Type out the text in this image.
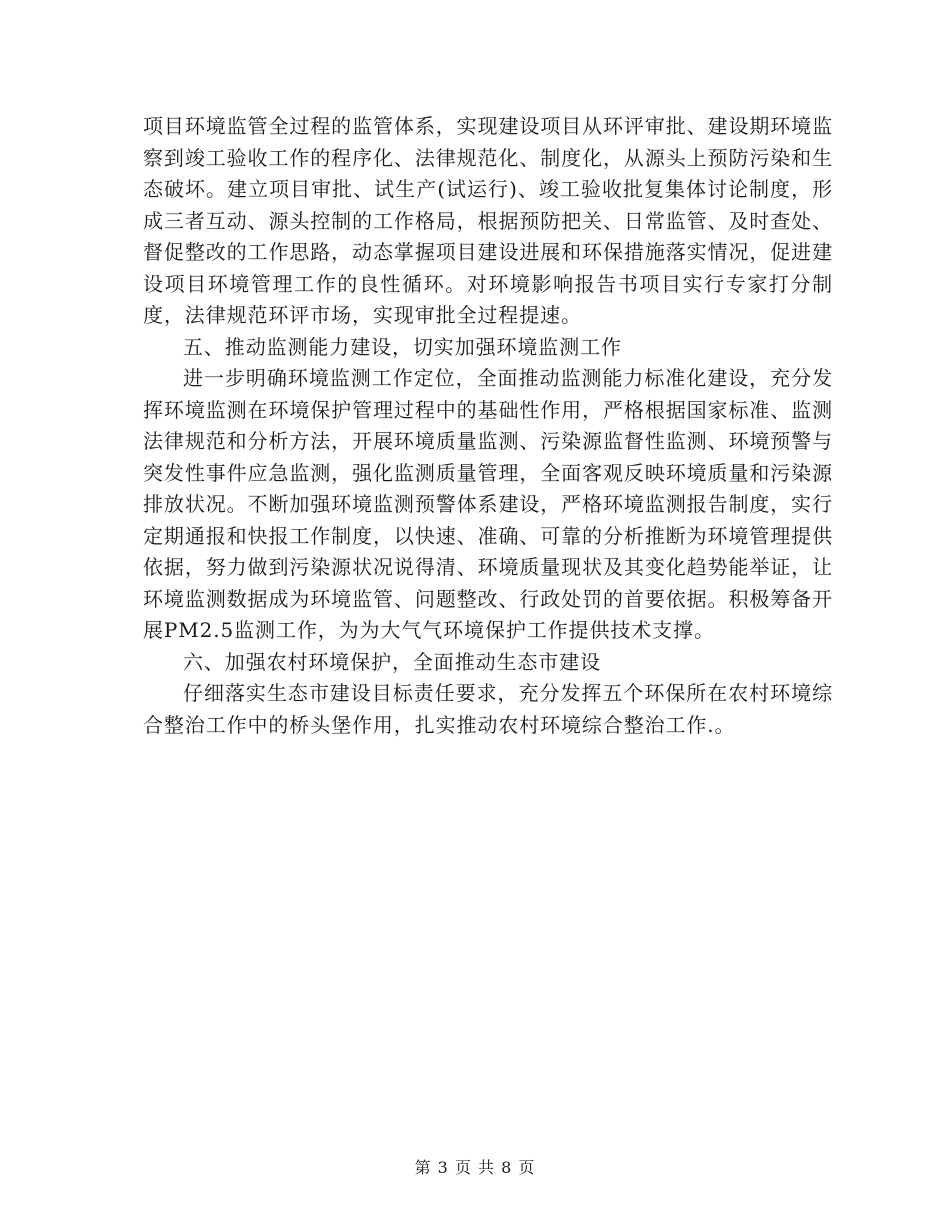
项目环境监管全过程的监管体系，实现建设项目从环评审批、建设期环境监察到竣工验收工作的程序化、法律规范化、制度化，从源头上预防污染和生态破坏。建立项目审批、试生产(试运行)、竣工验收批复集体讨论制度，形成三者互动、源头控制的工作格局，根据预防把关、日常监管、及时查处、督促整改的工作思路，动态掌握项目建设进展和环保措施落实情况，促进建设项目环境管理工作的良性循环。对环境影响报告书项目实行专家打分制度，法律规范环评市场，实现审批全过程提速。

五、推动监测能力建设，切实加强环境监测工作

进一步明确环境监测工作定位，全面推动监测能力标准化建设，充分发挥环境监测在环境保护管理过程中的基础性作用，严格根据国家标准、监测法律规范和分析方法，开展环境质量监测、污染源监督性监测、环境预警与突发性事件应急监测，强化监测质量管理，全面客观反映环境质量和污染源排放状况。不断加强环境监测预警体系建设，严格环境监测报告制度，实行定期通报和快报工作制度，以快速、准确、可靠的分析推断为环境管理提供依据，努力做到污染源状况说得清、环境质量现状及其变化趋势能举证，让环境监测数据成为环境监管、问题整改、行政处罚的首要依据。积极筹备开展PM2.5监测工作，为为大气气环境保护工作提供技术支撑。

六、加强农村环境保护，全面推动生态市建设

仔细落实生态市建设目标责任要求，充分发挥五个环保所在农村环境综合整治工作中的桥头堡作用，扎实推动农村环境综合整治工作.。

第 3 页 共 8 页
